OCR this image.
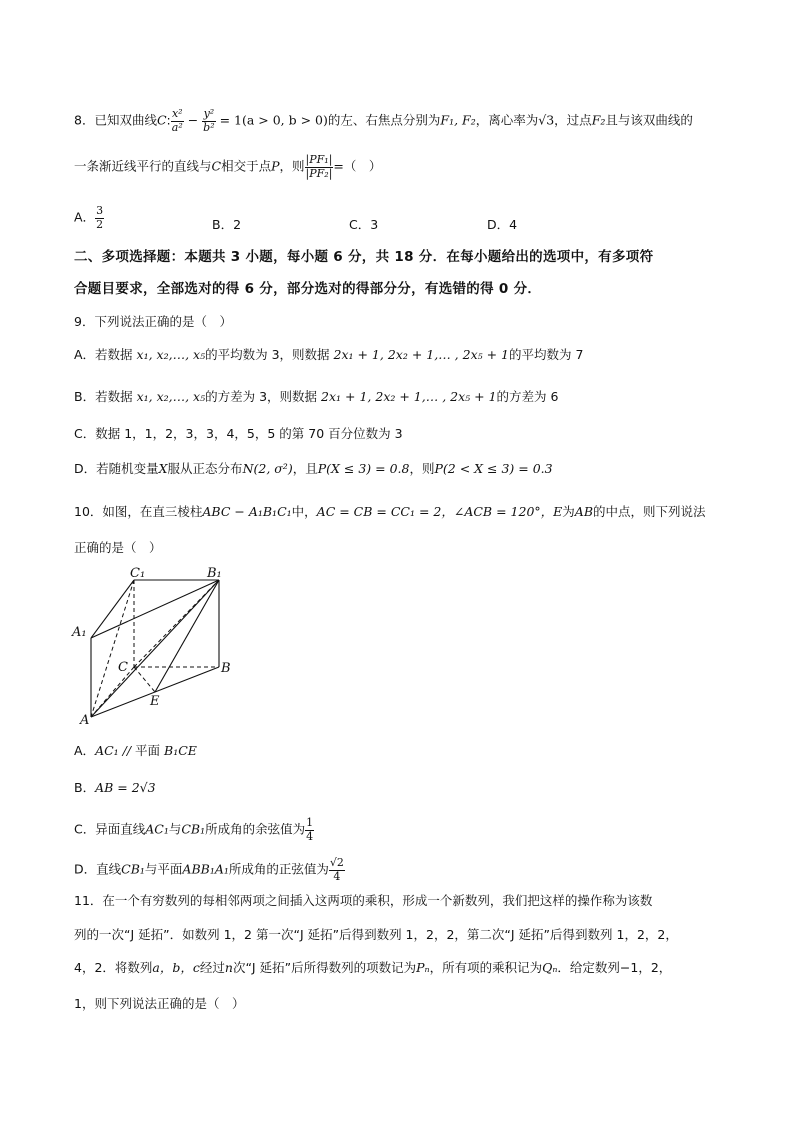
8．已知双曲线C: $\frac{\text{x²}}{\text{a²}} - \frac{\text{y²}}{\text{b²}} = 1(a > 0$, b > 0)的左、右焦点分别为F₁, F₂，离心率为√3，过点F₂且与该双曲线的
一条渐近线平行的直线与C相交于点P，则 $\frac{\text{|PF₁|}}{\text{|PF₂|}}$ =（　）
A． $\frac{3}{2}$	B．2	C．3	D．4
二、多项选择题：本题共 3 小题，每小题 6 分，共 18 分．在每小题给出的选项中，有多项符
合题目要求，全部选对的得 6 分，部分选对的得部分分，有选错的得 0 分．
9．下列说法正确的是（　）
A．若数据 x₁, x₂,…, x₅的平均数为 3，则数据 2x₁ + 1, 2x₂ + 1,… , 2x₅ + 1的平均数为 7
B．若数据 x₁, x₂,…, x₅的方差为 3，则数据 2x₁ + 1, 2x₂ + 1,… , 2x₅ + 1的方差为 6
C．数据 1，1，2，3，3，4，5，5 的第 70 百分位数为 3
D．若随机变量X服从正态分布N(2, σ²)，且P(X ≤ 3) = 0.8，则P(2 < X ≤ 3) = 0.3
10．如图，在直三棱柱ABC − A₁B₁C₁中，AC = CB = CC₁ = 2，∠ACB = 120°，E为AB的中点，则下列说法
正确的是（　）
C₁	B₁
A₁
C	B
E
A
A．AC₁ // 平面 B₁CE
B．AB = 2√3
C．异面直线AC₁与CB₁所成角的余弦值为 $\frac{1}{4}$
D．直线CB₁与平面ABB₁A₁所成角的正弦值为 $\frac{√2}{4}$
11．在一个有穷数列的每相邻两项之间插入这两项的乘积，形成一个新数列，我们把这样的操作称为该数
列的一次“J 延拓”．如数列 1，2 第一次“J 延拓”后得到数列 1，2，2，第二次“J 延拓”后得到数列 1，2，2，
4，2．将数列a，b，c经过n次“J 延拓”后所得数列的项数记为Pₙ，所有项的乘积记为Qₙ．给定数列−1，2，
1，则下列说法正确的是（　）
